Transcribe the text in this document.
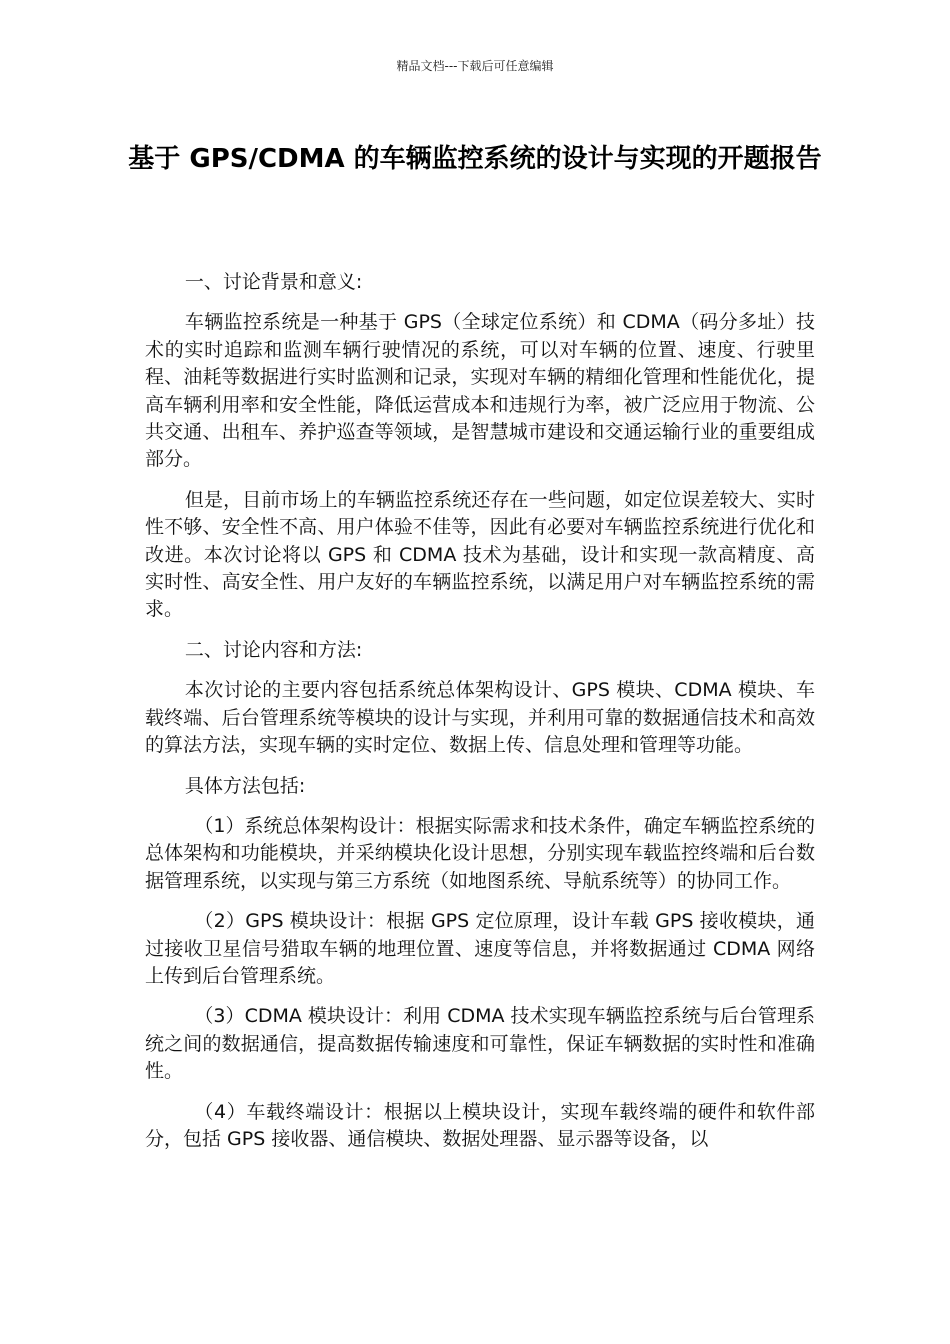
精品文档---下载后可任意编辑
基于 GPS/CDMA 的车辆监控系统的设计与实现的开题报告

一、讨论背景和意义:

车辆监控系统是一种基于 GPS（全球定位系统）和 CDMA（码分多址）技术的实时追踪和监测车辆行驶情况的系统，可以对车辆的位置、速度、行驶里程、油耗等数据进行实时监测和记录，实现对车辆的精细化管理和性能优化，提高车辆利用率和安全性能，降低运营成本和违规行为率，被广泛应用于物流、公共交通、出租车、养护巡查等领域，是智慧城市建设和交通运输行业的重要组成部分。

但是，目前市场上的车辆监控系统还存在一些问题，如定位误差较大、实时性不够、安全性不高、用户体验不佳等，因此有必要对车辆监控系统进行优化和改进。本次讨论将以 GPS 和 CDMA 技术为基础，设计和实现一款高精度、高实时性、高安全性、用户友好的车辆监控系统，以满足用户对车辆监控系统的需求。

二、讨论内容和方法:

本次讨论的主要内容包括系统总体架构设计、GPS 模块、CDMA 模块、车载终端、后台管理系统等模块的设计与实现，并利用可靠的数据通信技术和高效的算法方法，实现车辆的实时定位、数据上传、信息处理和管理等功能。

具体方法包括:

（1）系统总体架构设计：根据实际需求和技术条件，确定车辆监控系统的总体架构和功能模块，并采纳模块化设计思想，分别实现车载监控终端和后台数据管理系统，以实现与第三方系统（如地图系统、导航系统等）的协同工作。

（2）GPS 模块设计：根据 GPS 定位原理，设计车载 GPS 接收模块，通过接收卫星信号猎取车辆的地理位置、速度等信息，并将数据通过 CDMA 网络上传到后台管理系统。

（3）CDMA 模块设计：利用 CDMA 技术实现车辆监控系统与后台管理系统之间的数据通信，提高数据传输速度和可靠性，保证车辆数据的实时性和准确性。

（4）车载终端设计：根据以上模块设计，实现车载终端的硬件和软件部分，包括 GPS 接收器、通信模块、数据处理器、显示器等设备，以
